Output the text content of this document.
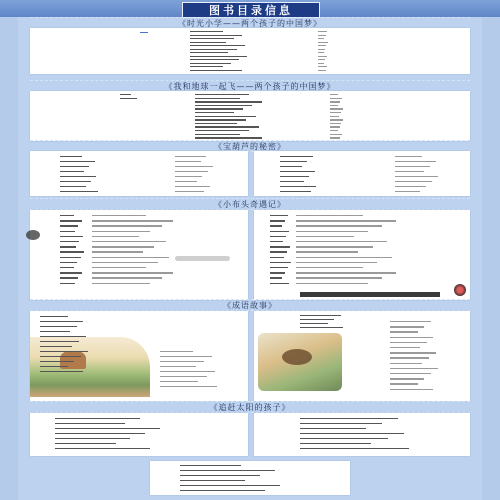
图书目录信息
《时光小学——两个孩子的中国梦》
《我和地球一起飞——两个孩子的中国梦》
《宝葫芦的秘密》
《小布头奇遇记》
《成语故事》
《追赶太阳的孩子》
